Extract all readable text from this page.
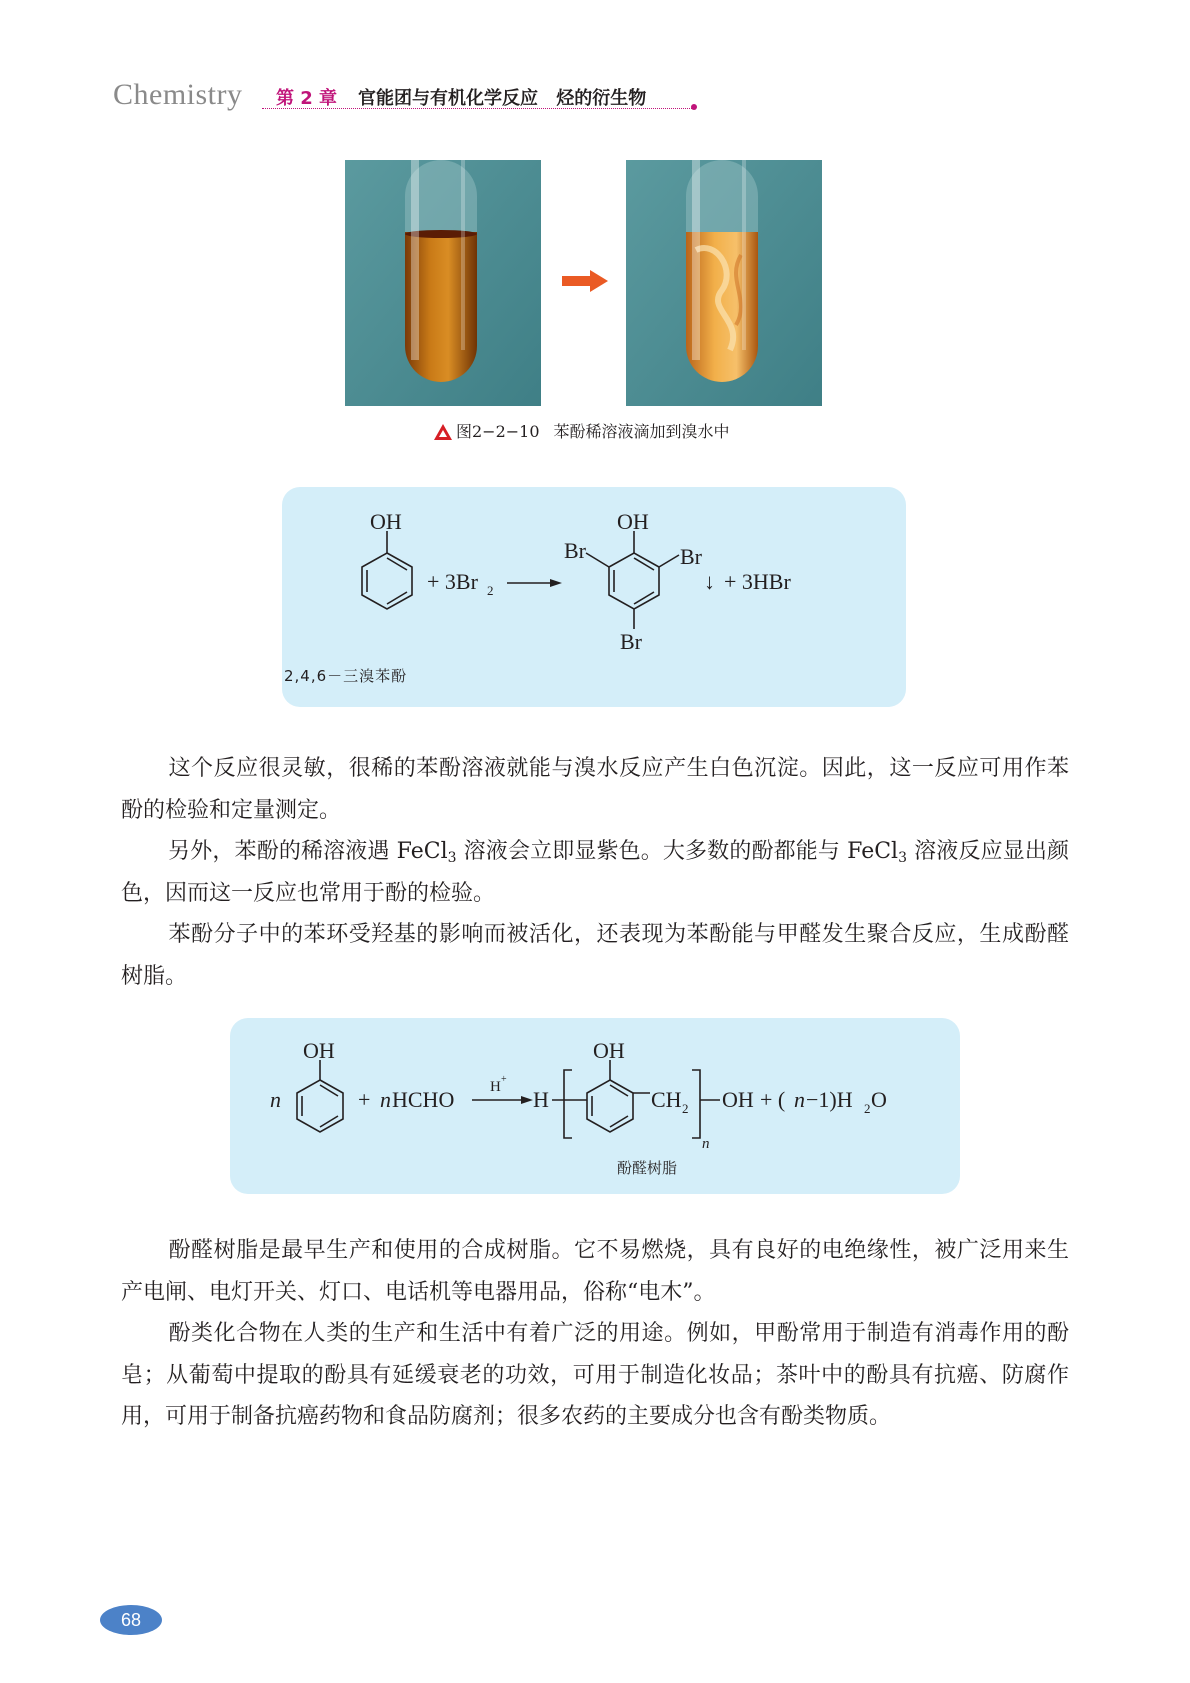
Chemistry 第 2 章 官能团与有机化学反应 烃的衍生物
图2−2−10 苯酚稀溶液滴加到溴水中
OH
+ 3Br 2
OH
Br	Br
Br
↓ + 3HBr
2,4,6－三溴苯酚

这个反应很灵敏，很稀的苯酚溶液就能与溴水反应产生白色沉淀。因此，这一反应可用作苯酚的检验和定量测定。

另外，苯酚的稀溶液遇 FeCl$_3$ 溶液会立即显紫色。大多数的酚都能与 FeCl$_3$ 溶液反应显出颜色，因而这一反应也常用于酚的检验。

苯酚分子中的苯环受羟基的影响而被活化，还表现为苯酚能与甲醛发生聚合反应，生成酚醛树脂。

n
OH
+ n HCHO H +
H
OH
CH 2
n
OH + ( n −1)H 2 O
酚醛树脂

酚醛树脂是最早生产和使用的合成树脂。它不易燃烧，具有良好的电绝缘性，被广泛用来生产电闸、电灯开关、灯口、电话机等电器用品，俗称“电木”。

酚类化合物在人类的生产和生活中有着广泛的用途。例如，甲酚常用于制造有消毒作用的酚皂；从葡萄中提取的酚具有延缓衰老的功效，可用于制造化妆品；茶叶中的酚具有抗癌、防腐作用，可用于制备抗癌药物和食品防腐剂；很多农药的主要成分也含有酚类物质。

68
